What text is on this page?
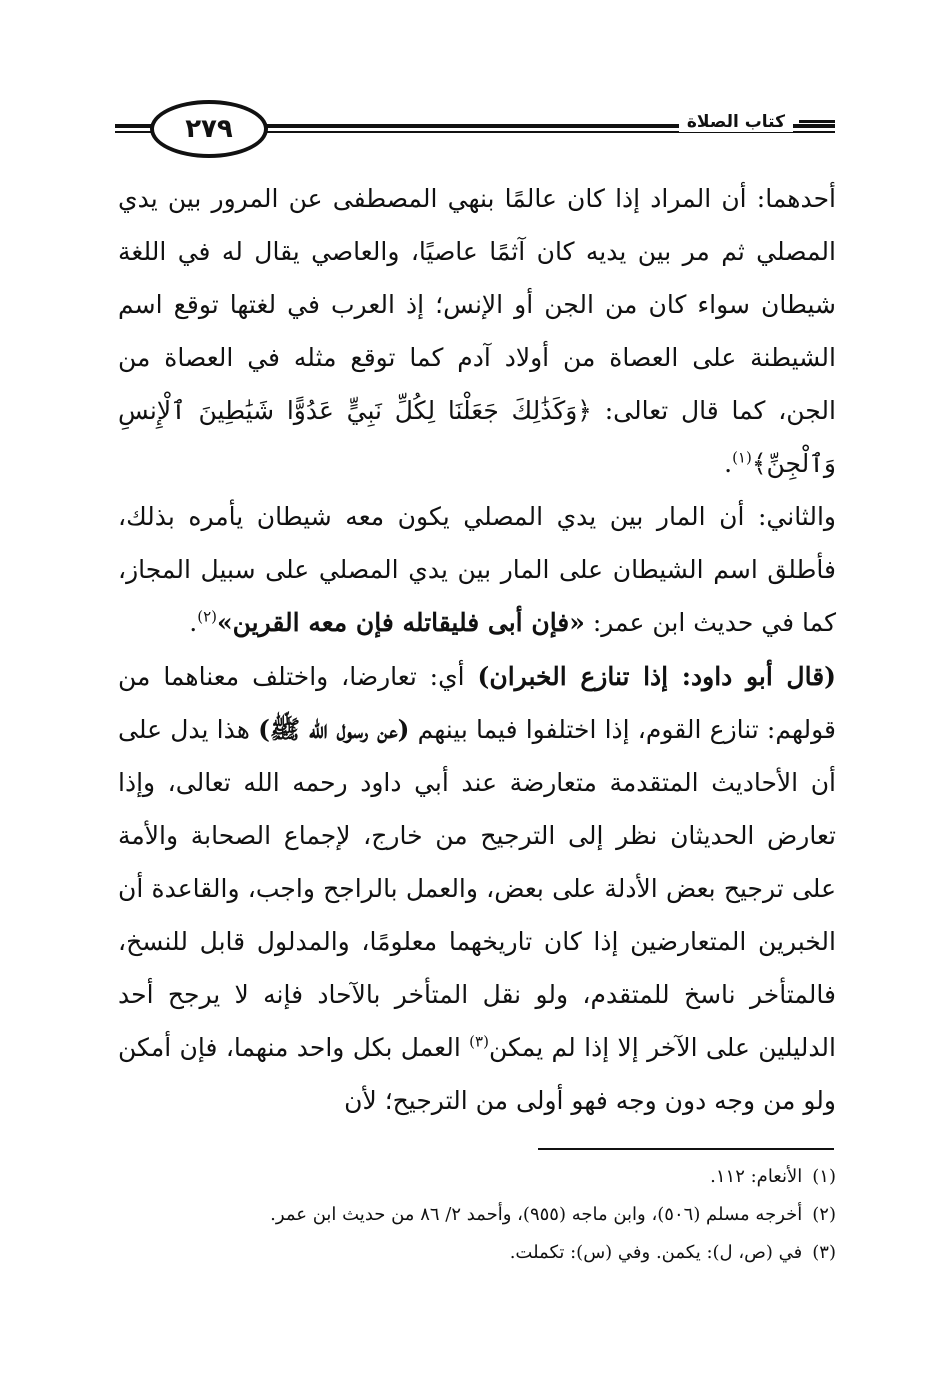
٢٧٩	كتاب الصلاة

أحدهما: أن المراد إذا كان عالمًا بنهي المصطفى عن المرور بين يدي المصلي ثم مر بين يديه كان آثمًا عاصيًا، والعاصي يقال له في اللغة شيطان سواء كان من الجن أو الإنس؛ إذ العرب في لغتها توقع اسم الشيطنة على العصاة من أولاد آدم كما توقع مثله في العصاة من الجن، كما قال تعالى: ﴿وَكَذَٰلِكَ جَعَلْنَا لِكُلِّ نَبِيٍّ عَدُوًّا شَيَٰطِينَ ٱلْإِنسِ وَٱلْجِنِّ﴾$^{(١)}$.

والثاني: أن المار بين يدي المصلي يكون معه شيطان يأمره بذلك، فأطلق اسم الشيطان على المار بين يدي المصلي على سبيل المجاز، كما في حديث ابن عمر: «فإن أبى فليقاتله فإن معه القرين»$^{(٢)}$.

(قال أبو داود: إذا تنازع الخبران) أي: تعارضا، واختلف معناهما من قولهم: تنازع القوم، إذا اختلفوا فيما بينهم (عن رسول الله ﷺ) هذا يدل على أن الأحاديث المتقدمة متعارضة عند أبي داود رحمه الله تعالى، وإذا تعارض الحديثان نظر إلى الترجيح من خارج، لإجماع الصحابة والأمة على ترجيح بعض الأدلة على بعض، والعمل بالراجح واجب، والقاعدة أن الخبرين المتعارضين إذا كان تاريخهما معلومًا، والمدلول قابل للنسخ، فالمتأخر ناسخ للمتقدم، ولو نقل المتأخر بالآحاد فإنه لا يرجح أحد الدليلين على الآخر إلا إذا لم يمكن$^{(٣)}$ العمل بكل واحد منهما، فإن أمكن ولو من وجه دون وجه فهو أولى من الترجيح؛ لأن

(١)الأنعام: ١١٢.

(٢)أخرجه مسلم (٥٠٦)، وابن ماجه (٩٥٥)، وأحمد ٢/ ٨٦ من حديث ابن عمر.

(٣)في (ص، ل): يكمن. وفي (س): تكملت.
